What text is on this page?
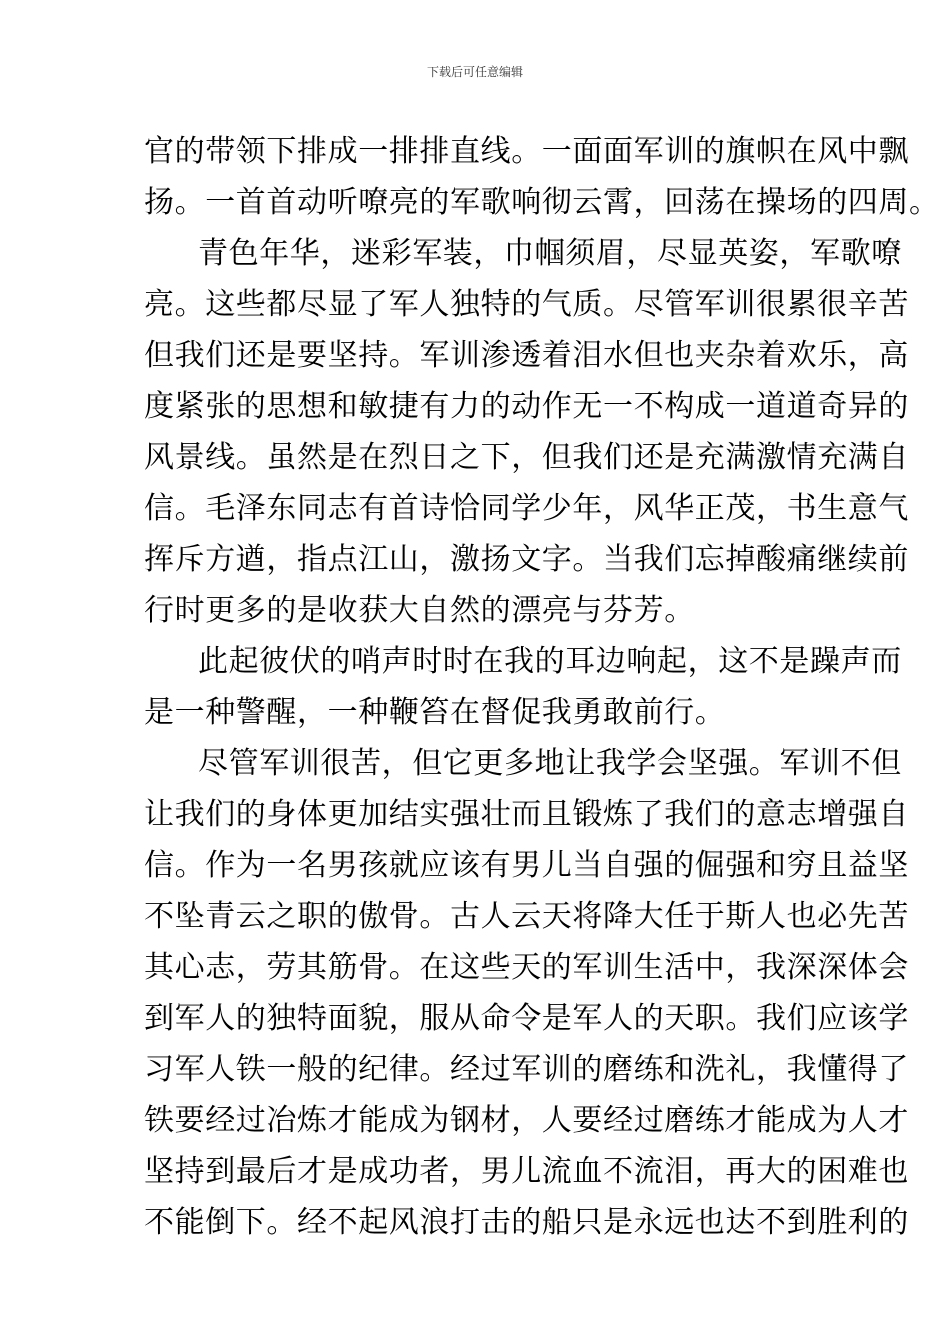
下载后可任意编辑
官的带领下排成一排排直线。一面面军训的旗帜在风中飘
扬。一首首动听嘹亮的军歌响彻云霄，回荡在操场的四周。
青色年华，迷彩军装，巾帼须眉，尽显英姿，军歌嘹
亮。这些都尽显了军人独特的气质。尽管军训很累很辛苦
但我们还是要坚持。军训渗透着泪水但也夹杂着欢乐，高
度紧张的思想和敏捷有力的动作无一不构成一道道奇异的
风景线。虽然是在烈日之下，但我们还是充满激情充满自
信。毛泽东同志有首诗恰同学少年，风华正茂，书生意气
挥斥方遒，指点江山，激扬文字。当我们忘掉酸痛继续前
行时更多的是收获大自然的漂亮与芬芳。
此起彼伏的哨声时时在我的耳边响起，这不是躁声而
是一种警醒，一种鞭笞在督促我勇敢前行。
尽管军训很苦，但它更多地让我学会坚强。军训不但
让我们的身体更加结实强壮而且锻炼了我们的意志增强自
信。作为一名男孩就应该有男儿当自强的倔强和穷且益坚
不坠青云之职的傲骨。古人云天将降大任于斯人也必先苦
其心志，劳其筋骨。在这些天的军训生活中，我深深体会
到军人的独特面貌，服从命令是军人的天职。我们应该学
习军人铁一般的纪律。经过军训的磨练和洗礼，我懂得了
铁要经过冶炼才能成为钢材，人要经过磨练才能成为人才
坚持到最后才是成功者，男儿流血不流泪，再大的困难也
不能倒下。经不起风浪打击的船只是永远也达不到胜利的
